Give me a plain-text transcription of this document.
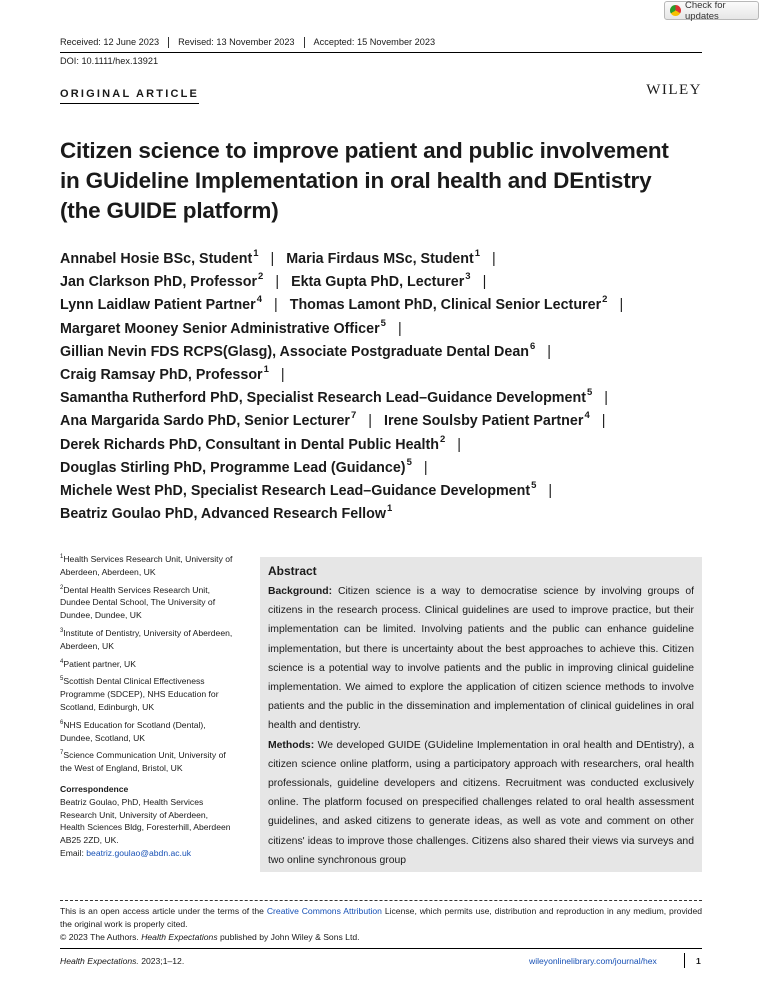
Check for updates
Received: 12 June 2023	Revised: 13 November 2023	Accepted: 15 November 2023
DOI: 10.1111/hex.13921
ORIGINAL ARTICLE	WILEY
Citizen science to improve patient and public involvement
in GUideline Implementation in oral health and DEntistry
(the GUIDE platform)
Annabel Hosie BSc, Student$^1$ | Maria Firdaus MSc, Student$^1$ |
Jan Clarkson PhD, Professor$^2$ | Ekta Gupta PhD, Lecturer$^3$ |
Lynn Laidlaw Patient Partner$^4$ | Thomas Lamont PhD, Clinical Senior Lecturer$^2$ |
Margaret Mooney Senior Administrative Officer$^5$ |
Gillian Nevin FDS RCPS(Glasg), Associate Postgraduate Dental Dean$^6$ |
Craig Ramsay PhD, Professor$^1$ |
Samantha Rutherford PhD, Specialist Research Lead–Guidance Development$^5$ |
Ana Margarida Sardo PhD, Senior Lecturer$^7$ | Irene Soulsby Patient Partner$^4$ |
Derek Richards PhD, Consultant in Dental Public Health$^2$ |
Douglas Stirling PhD, Programme Lead (Guidance)$^5$ |
Michele West PhD, Specialist Research Lead–Guidance Development$^5$ |
Beatriz Goulao PhD, Advanced Research Fellow$^1$
$^1$Health Services Research Unit, University of Aberdeen, Aberdeen, UK
$^2$Dental Health Services Research Unit, Dundee Dental School, The University of Dundee, Dundee, UK
$^3$Institute of Dentistry, University of Aberdeen, Aberdeen, UK
$^4$Patient partner, UK
$^5$Scottish Dental Clinical Effectiveness Programme (SDCEP), NHS Education for Scotland, Edinburgh, UK
$^6$NHS Education for Scotland (Dental), Dundee, Scotland, UK
$^7$Science Communication Unit, University of the West of England, Bristol, UK
Correspondence
Beatriz Goulao, PhD, Health Services
Research Unit, University of Aberdeen,
Health Sciences Bldg, Foresterhill, Aberdeen
AB25 2ZD, UK.
Email: beatriz.goulao@abdn.ac.uk
Abstract

Background: Citizen science is a way to democratise science by involving groups of citizens in the research process. Clinical guidelines are used to improve practice, but their implementation can be limited. Involving patients and the public can enhance guideline implementation, but there is uncertainty about the best approaches to achieve this. Citizen science is a potential way to involve patients and the public in improving clinical guideline implementation. We aimed to explore the application of citizen science methods to involve patients and the public in the dissemination and implementation of clinical guidelines in oral health and dentistry.

Methods: We developed GUIDE (GUideline Implementation in oral health and DEntistry), a citizen science online platform, using a participatory approach with researchers, oral health professionals, guideline developers and citizens. Recruitment was conducted exclusively online. The platform focused on prespecified challenges related to oral health assessment guidelines, and asked citizens to generate ideas, as well as vote and comment on other citizens' ideas to improve those challenges. Citizens also shared their views via surveys and two online synchronous group

This is an open access article under the terms of the Creative Commons Attribution License, which permits use, distribution and reproduction in any medium, provided the original work is properly cited.
© 2023 The Authors. Health Expectations published by John Wiley & Sons Ltd.
Health Expectations. 2023;1–12.	wileyonlinelibrary.com/journal/hex	1
